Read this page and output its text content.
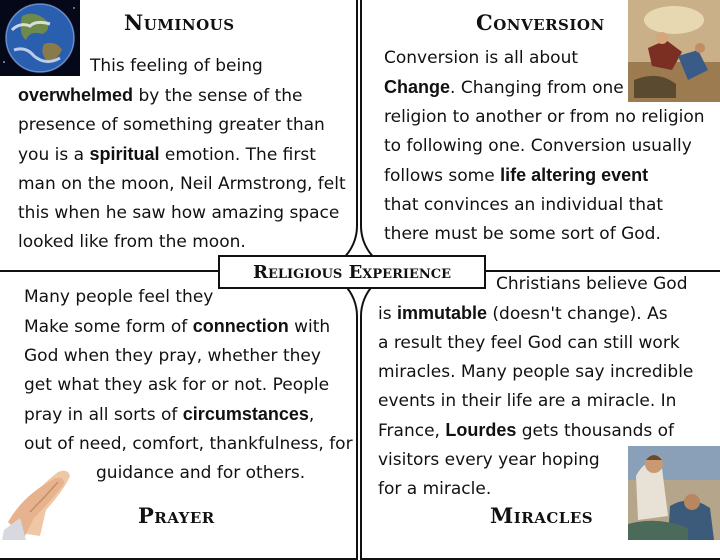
Numinous	Conversion
Prayer	Miracles
This feeling of being
overwhelmed by the sense of the
presence of something greater than
you is a spiritual emotion. The first
man on the moon, Neil Armstrong, felt
this when he saw how amazing space
looked like from the moon.
Conversion is all about
Change. Changing from one
religion to another or from no religion
to following one. Conversion usually
follows some life altering event
that convinces an individual that
there must be some sort of God.
Many people feel they
Make some form of connection with
God when they pray, whether they
get what they ask for or not. People
pray in all sorts of circumstances,
out of need, comfort, thankfulness, for
guidance and for others.
Christians believe God
is immutable (doesn't change). As
a result they feel God can still work
miracles. Many people say incredible
events in their life are a miracle. In
France, Lourdes gets thousands of
visitors every year hoping
for a miracle.
Religious Experience
